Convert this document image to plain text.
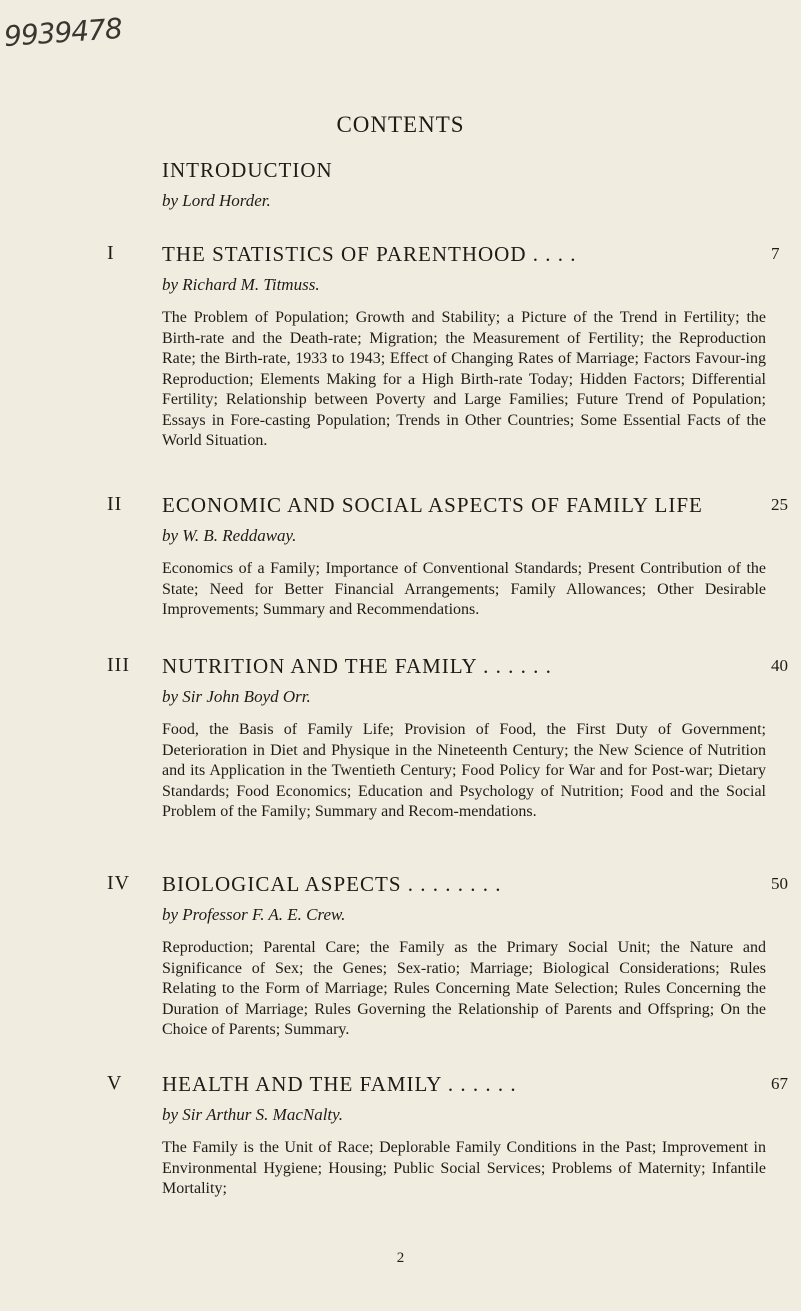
9939478
CONTENTS
INTRODUCTION
by Lord Horder.
I THE STATISTICS OF PARENTHOOD . . . .	7
by Richard M. Titmuss.
The Problem of Population; Growth and Stability; a Picture of the Trend in Fertility; the Birth-rate and the Death-rate; Migration; the Measurement of Fertility; the Reproduction Rate; the Birth-rate, 1933 to 1943; Effect of Changing Rates of Marriage; Factors Favour-ing Reproduction; Elements Making for a High Birth-rate Today; Hidden Factors; Differential Fertility; Relationship between Poverty and Large Families; Future Trend of Population; Essays in Fore-casting Population; Trends in Other Countries; Some Essential Facts of the World Situation.
II ECONOMIC AND SOCIAL ASPECTS OF FAMILY LIFE	25
by W. B. Reddaway.
Economics of a Family; Importance of Conventional Standards; Present Contribution of the State; Need for Better Financial Arrangements; Family Allowances; Other Desirable Improvements; Summary and Recommendations.
III NUTRITION AND THE FAMILY . . . . . .	40
by Sir John Boyd Orr.
Food, the Basis of Family Life; Provision of Food, the First Duty of Government; Deterioration in Diet and Physique in the Nineteenth Century; the New Science of Nutrition and its Application in the Twentieth Century; Food Policy for War and for Post-war; Dietary Standards; Food Economics; Education and Psychology of Nutrition; Food and the Social Problem of the Family; Summary and Recom-mendations.
IV BIOLOGICAL ASPECTS . . . . . . . .	50
by Professor F. A. E. Crew.
Reproduction; Parental Care; the Family as the Primary Social Unit; the Nature and Significance of Sex; the Genes; Sex-ratio; Marriage; Biological Considerations; Rules Relating to the Form of Marriage; Rules Concerning Mate Selection; Rules Concerning the Duration of Marriage; Rules Governing the Relationship of Parents and Offspring; On the Choice of Parents; Summary.
V HEALTH AND THE FAMILY . . . . . .	67
by Sir Arthur S. MacNalty.
The Family is the Unit of Race; Deplorable Family Conditions in the Past; Improvement in Environmental Hygiene; Housing; Public Social Services; Problems of Maternity; Infantile Mortality;
2
